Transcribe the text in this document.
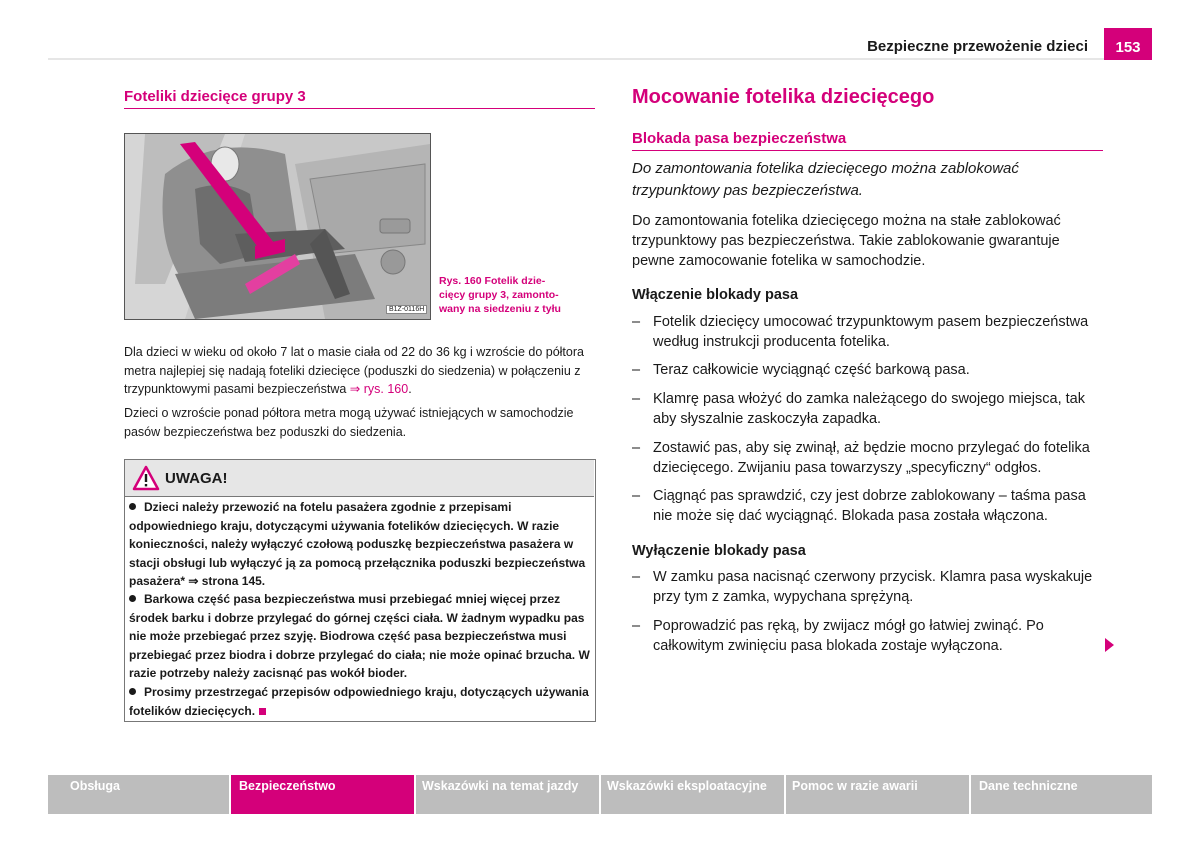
Bezpieczne przewożenie dzieci	153
Foteliki dziecięce grupy 3
B1Z-0116H
Rys. 160 Fotelik dzie-
cięcy grupy 3, zamonto-
wany na siedzeniu z tyłu
Dla dzieci w wieku od około 7 lat o masie ciała od 22 do 36 kg i wzroście do półtora metra najlepiej się nadają foteliki dziecięce (poduszki do siedzenia) w połączeniu z trzypunktowymi pasami bezpieczeństwa ⇒ rys. 160.
Dzieci o wzroście ponad półtora metra mogą używać istniejących w samochodzie pasów bezpieczeństwa bez poduszki do siedzenia.
UWAGA!
Dzieci należy przewozić na fotelu pasażera zgodnie z przepisami odpowiedniego kraju, dotyczącymi używania fotelików dziecięcych. W razie konieczności, należy wyłączyć czołową poduszkę bezpieczeństwa pasażera w stacji obsługi lub wyłączyć ją za pomocą przełącznika poduszki bezpieczeństwa pasażera* ⇒ strona 145.
Barkowa część pasa bezpieczeństwa musi przebiegać mniej więcej przez środek barku i dobrze przylegać do górnej części ciała. W żadnym wypadku pas nie może przebiegać przez szyję. Biodrowa część pasa bezpieczeństwa musi przebiegać przez biodra i dobrze przylegać do ciała; nie może opinać brzucha. W razie potrzeby należy zacisnąć pas wokół bioder.
Prosimy przestrzegać przepisów odpowiedniego kraju, dotyczących używania fotelików dziecięcych.
Mocowanie fotelika dziecięcego
Blokada pasa bezpieczeństwa
Do zamontowania fotelika dziecięcego można zablokować trzypunktowy pas bezpieczeństwa.
Do zamontowania fotelika dziecięcego można na stałe zablokować trzypunktowy pas bezpieczeństwa. Takie zablokowanie gwarantuje pewne zamocowanie fotelika w samochodzie.
Włączenie blokady pasa
– Fotelik dziecięcy umocować trzypunktowym pasem bezpieczeństwa według instrukcji producenta fotelika.
– Teraz całkowicie wyciągnąć część barkową pasa.
– Klamrę pasa włożyć do zamka należącego do swojego miejsca, tak aby słyszalnie zaskoczyła zapadka.
– Zostawić pas, aby się zwinął, aż będzie mocno przylegać do fotelika dziecięcego. Zwijaniu pasa towarzyszy „specyficzny“ odgłos.
– Ciągnąć pas sprawdzić, czy jest dobrze zablokowany – taśma pasa nie może się dać wyciągnąć. Blokada pasa została włączona.
Wyłączenie blokady pasa
– W zamku pasa nacisnąć czerwony przycisk. Klamra pasa wyskakuje przy tym z zamka, wypychana sprężyną.
– Poprowadzić pas ręką, by zwijacz mógł go łatwiej zwinąć. Po całkowitym zwinięciu pasa blokada zostaje wyłączona.
Obsługa	Bezpieczeństwo	Wskazówki na temat jazdy	Wskazówki eksploatacyjne	Pomoc w razie awarii	Dane techniczne
